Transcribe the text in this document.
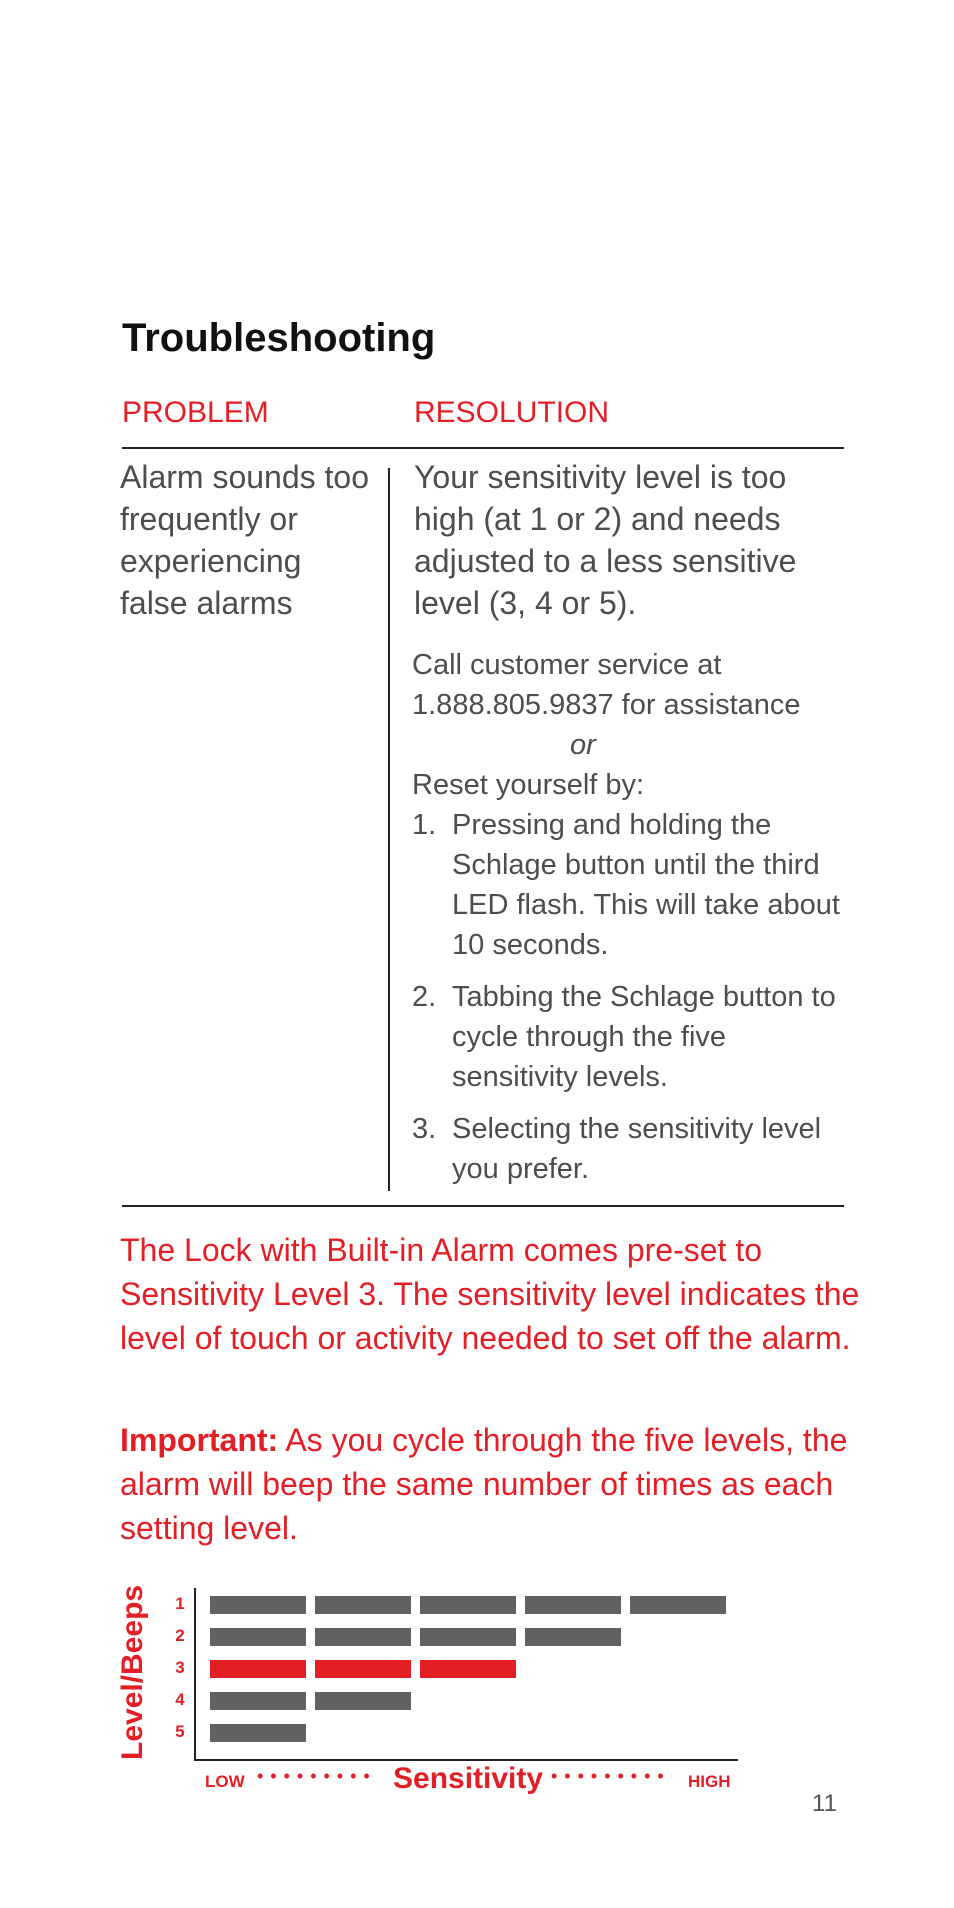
Troubleshooting
PROBLEM	RESOLUTION
Alarm sounds too frequently or experiencing false alarms
Your sensitivity level is too high (at 1 or 2) and needs adjusted to a less sensitive level (3, 4 or 5).
Call customer service at 1.888.805.9837 for assistance
or
Reset yourself by:
1. Pressing and holding the Schlage button until the third LED flash. This will take about 10 seconds.
2. Tabbing the Schlage button to cycle through the five sensitivity levels.
3. Selecting the sensitivity level you prefer.

The Lock with Built-in Alarm comes pre-set to Sensitivity Level 3. The sensitivity level indicates the level of touch or activity needed to set off the alarm.

Important: As you cycle through the five levels, the alarm will beep the same number of times as each setting level.

Level/Beeps	1
2
3
4
5
LOW ••••••••• Sensitivity ••••••••• HIGH
11
